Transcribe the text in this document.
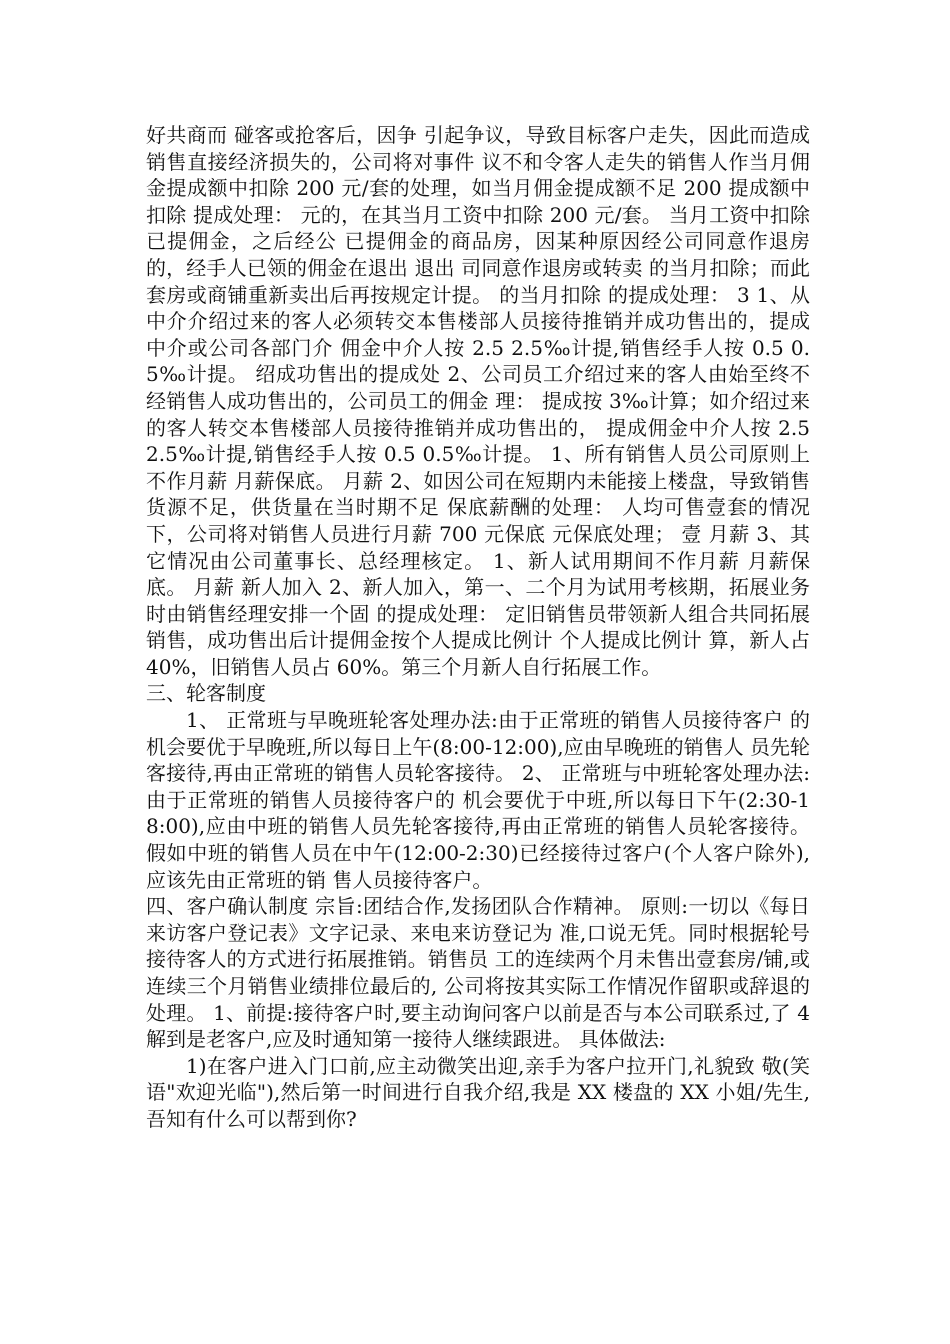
好共商而 碰客或抢客后，因争 引起争议，导致目标客户走失，因此而造成销售直接经济损失的，公司将对事件 议不和令客人走失的销售人作当月佣金提成额中扣除 200 元/套的处理，如当月佣金提成额不足 200 提成额中扣除 提成处理： 元的，在其当月工资中扣除 200 元/套。 当月工资中扣除 已提佣金，之后经公 已提佣金的商品房，因某种原因经公司同意作退房的，经手人已领的佣金在退出 退出 司同意作退房或转卖 的当月扣除；而此套房或商铺重新卖出后再按规定计提。 的当月扣除 的提成处理： 3 1、从中介介绍过来的客人必须转交本售楼部人员接待推销并成功售出的，提成 中介或公司各部门介 佣金中介人按 2.5 2.5‰计提,销售经手人按 0.5 0.5‰计提。 绍成功售出的提成处 2、公司员工介绍过来的客人由始至终不经销售人成功售出的，公司员工的佣金 理： 提成按 3‰计算；如介绍过来的客人转交本售楼部人员接待推销并成功售出的， 提成佣金中介人按 2.5 2.5‰计提,销售经手人按 0.5 0.5‰计提。 1、所有销售人员公司原则上不作月薪 月薪保底。 月薪 2、如因公司在短期内未能接上楼盘，导致销售货源不足，供货量在当时期不足 保底薪酬的处理： 人均可售壹套的情况下，公司将对销售人员进行月薪 700 元保底 元保底处理； 壹 月薪 3、其它情况由公司董事长、总经理核定。 1、新人试用期间不作月薪 月薪保底。 月薪 新人加入 2、新人加入，第一、二个月为试用考核期，拓展业务时由销售经理安排一个固 的提成处理： 定旧销售员带领新人组合共同拓展销售，成功售出后计提佣金按个人提成比例计 个人提成比例计 算，新人占 40%，旧销售人员占 60%。第三个月新人自行拓展工作。

三、轮客制度

1、 正常班与早晚班轮客处理办法:由于正常班的销售人员接待客户 的机会要优于早晚班,所以每日上午(8:00-12:00),应由早晚班的销售人 员先轮客接待,再由正常班的销售人员轮客接待。 2、 正常班与中班轮客处理办法:由于正常班的销售人员接待客户的 机会要优于中班,所以每日下午(2:30-18:00),应由中班的销售人员先轮客接待,再由正常班的销售人员轮客接待。假如中班的销售人员在中午(12:00-2:30)已经接待过客户(个人客户除外),应该先由正常班的销 售人员接待客户。

四、客户确认制度 宗旨:团结合作,发扬团队合作精神。 原则:一切以《每日来访客户登记表》文字记录、来电来访登记为 准,口说无凭。同时根据轮号接待客人的方式进行拓展推销。销售员 工的连续两个月未售出壹套房/铺,或连续三个月销售业绩排位最后的, 公司将按其实际工作情况作留职或辞退的处理。 1、前提:接待客户时,要主动询问客户以前是否与本公司联系过,了 4 解到是老客户,应及时通知第一接待人继续跟进。 具体做法:

1)在客户进入门口前,应主动微笑出迎,亲手为客户拉开门,礼貌致 敬(笑语"欢迎光临"),然后第一时间进行自我介绍,我是 XX 楼盘的 XX 小姐/先生,吾知有什么可以帮到你?
